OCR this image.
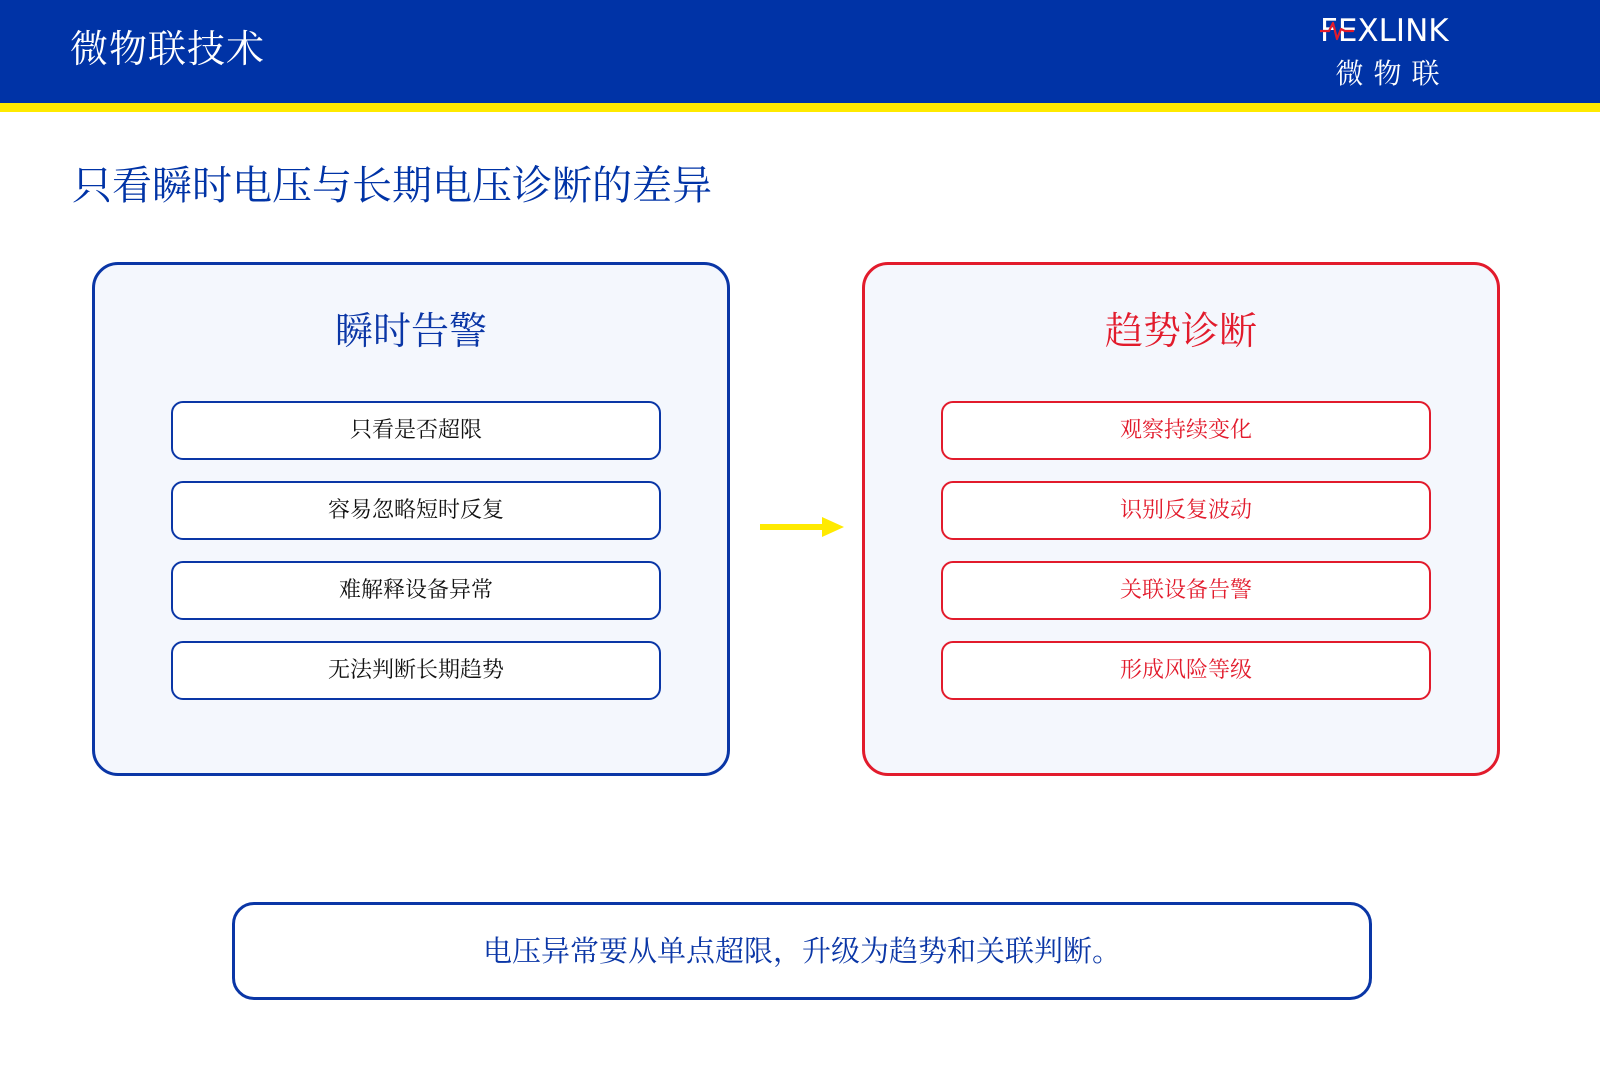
微物联技术	FEXLINK
微物联
只看瞬时电压与长期电压诊断的差异
瞬时告警
只看是否超限
容易忽略短时反复
难解释设备异常
无法判断长期趋势
趋势诊断
观察持续变化
识别反复波动
关联设备告警
形成风险等级
电压异常要从单点超限，升级为趋势和关联判断。
